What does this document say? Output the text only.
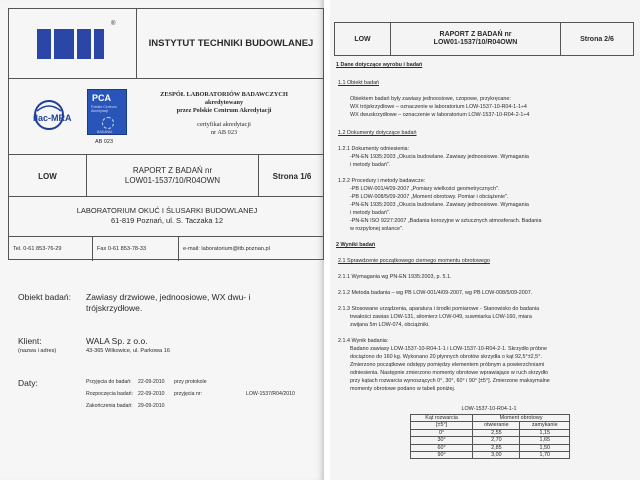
®
INSTYTUT TECHNIKI BUDOWLANEJ
ilac-MRA
PCA
Polskie Centrum Akredytacji
BADANIA
AB 023
ZESPÓŁ LABORATORIÓW BADAWCZYCH
akredytowany
przez Polskie Centrum Akredytacji
certyfikat akredytacji
nr AB 023
LOW
RAPORT Z BADAŃ nr
LOW01-1537/10/R04OWN	Strona 1/6
LABORATORIUM OKUĆ I ŚLUSARKI BUDOWLANEJ
61-819 Poznań, ul. S. Taczaka 12
Tel. 0-61 853-76-29	Fax 0-61 853-78-33	e-mail: laboratorium@itb.poznan.pl
Obiekt badań: Zawiasy drzwiowe, jednoosiowe, WX dwu- i trójskrzydłowe.
Klient:
(nazwa i adres)
WALA Sp. z o.o.
43-365 Wilkowice, ul. Parkowa 16
Daty:	Przyjęcia do badań: 22-09-2010 przy protokole
Rozpoczęcia badań: 22-09-2010 przyjęcia nr:	LOW-1537/R04/2010
Zakończenia badań: 29-09-2010
LOW
RAPORT Z BADAŃ nr
LOW01-1537/10/R04OWN	Strona 2/6
1 Dane dotyczące wyrobu i badań
1.1 Obiekt badań
Obiektem badań były zawiasy jednoosiowe, czopowe, przykręcane:
WX trójskrzydłowe – oznaczenie w laboratorium LOW-1537-10-R04-1-1÷4
WX dwuskrzydłowe – oznaczenie w laboratorium LOW-1537-10-R04-2-1÷4
1.2 Dokumenty dotyczące badań
1.2.1 Dokumenty odniesienia:
-PN-EN 1935:2003 „Okucia budowlane. Zawiasy jednoosiowe. Wymagania
i metody badań".
1.2.2 Procedury i metody badawcze:
-PB LOW-001/4/09-2007 „Pomiary wielkości geometrycznych".
-PB LOW-008/5/09-2007 „Moment obrotowy. Pomiar i obciążenie".
-PN-EN 1935:2003 „Okucia budowlane. Zawiasy jednoosiowe. Wymagania
i metody badań".
-PN-EN ISO 9227:2007 „Badania korozyjne w sztucznych atmosferach. Badania
w rozpylonej solance".
2 Wyniki badań
2.1 Sprawdzenie początkowego ciernego momentu obrotowego
2.1.1 Wymagania wg PN-EN 1935:2003, p. 5.1.
2.1.2 Metoda badania – wg PB LOW-001/4/09-2007, wg PB LOW-008/5/09-2007.
2.1.3 Stosowane urządzenia, aparatura i środki pomiarowe - Stanowisko do badania
trwałości zawias LOW-131, siłomierz LOW-049, suwmiarka LOW-160, miara
zwijana 5m LOW-074, obciążniki.
2.1.4 Wynik badania:
Badano zawiasy LOW-1537-10-R04-1-1 i LOW-1537-10-R04-2-1. Skrzydło próbne
dociążono do 160 kg. Wykonano 20 płynnych obrotów skrzydła o kąt 92,5°±2,5°.
Zmierzono początkowe odstępy pomiędzy elementem próbnym a powierzchniami
odniesienia. Następnie zmierzono momenty obrotowe wprawiające w ruch skrzydło
przy kątach rozwarcia wynoszących 0°, 30°, 60° i 90° [±5°]. Zmierzone maksymalne
momenty obrotowe podano w tabeli poniżej.
LOW-1537-10-R04-1-1
Kąt rozwarcia	Moment obrotowy	
[±5°]	otwieranie	zamykanie
0°	2,55	1,15
30°	2,70	1,65
60°	2,85	1,50
90°	3,00	1,70
